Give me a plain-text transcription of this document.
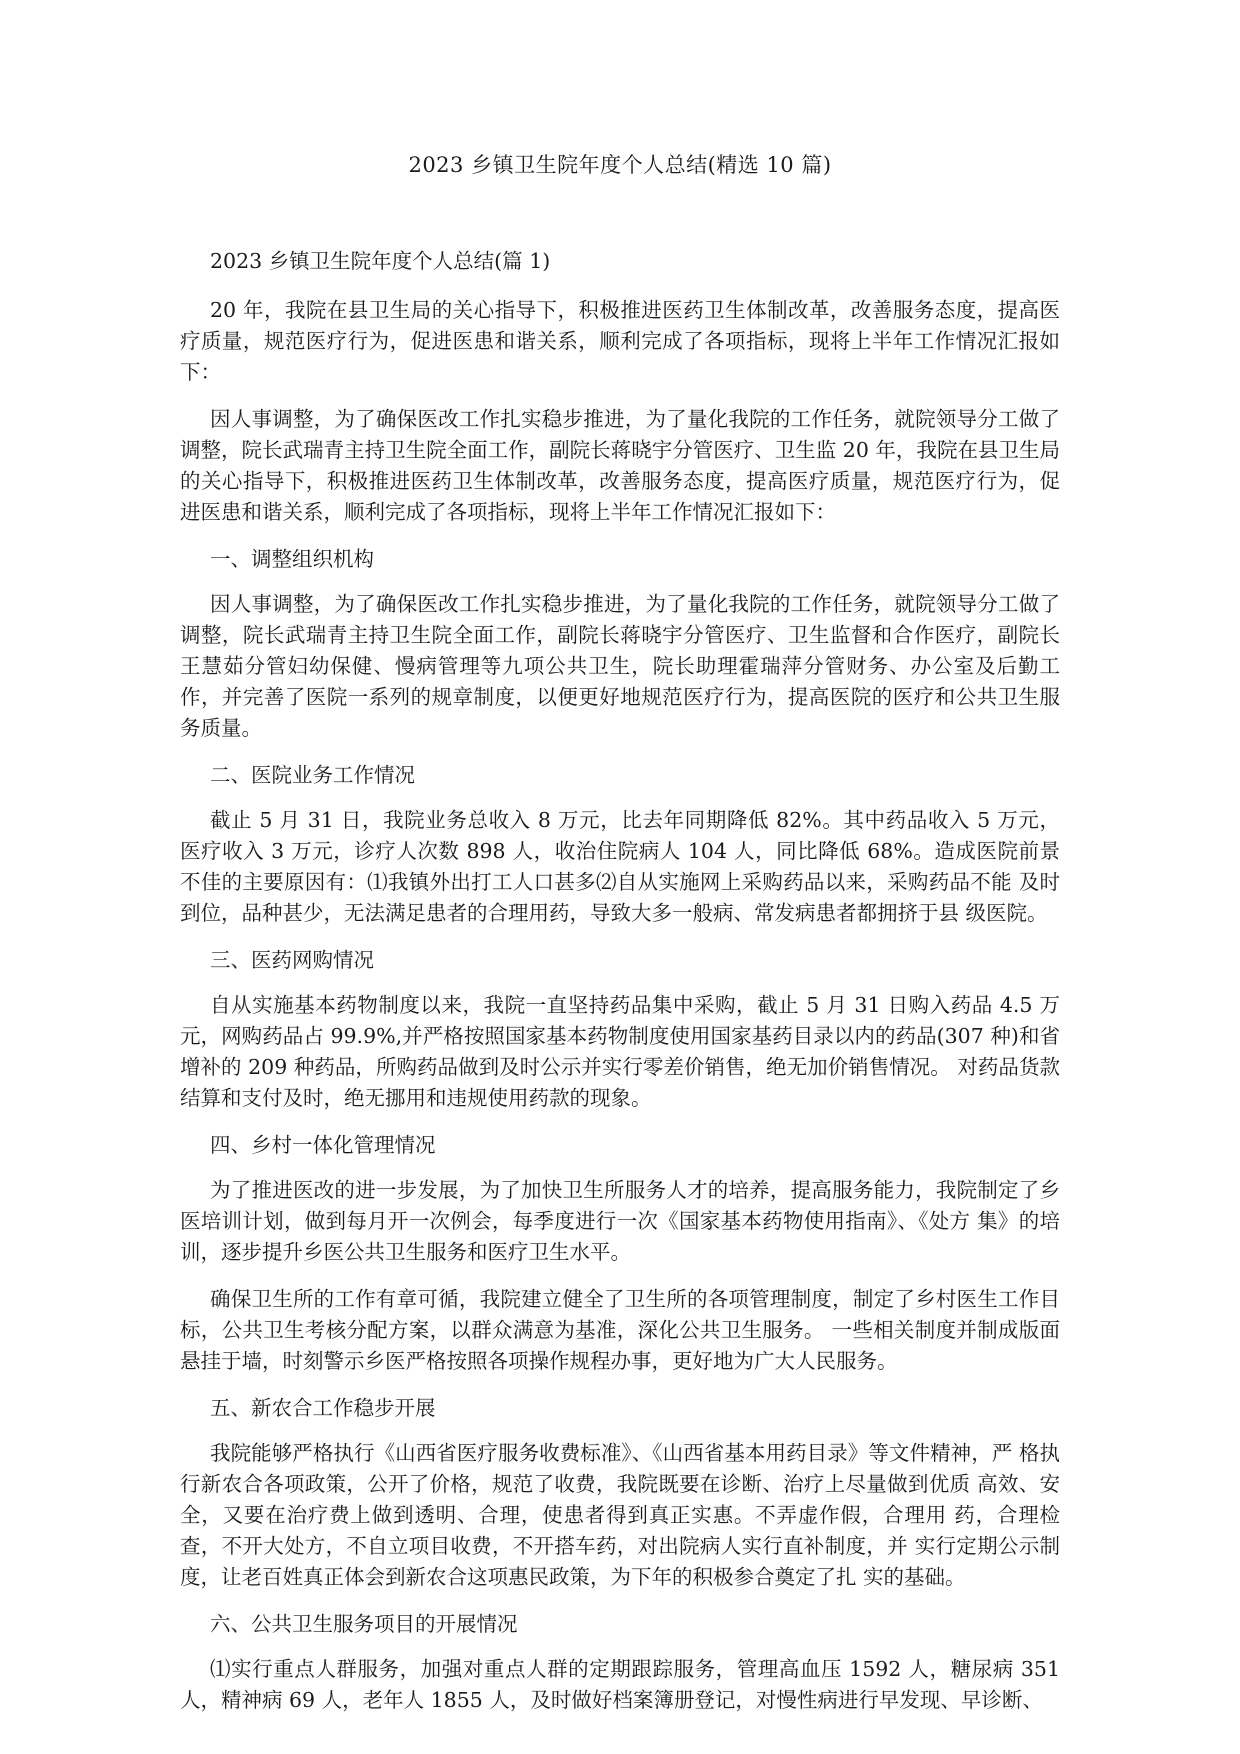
2023 乡镇卫生院年度个人总结(精选 10 篇)

2023 乡镇卫生院年度个人总结(篇 1)

20 年，我院在县卫生局的关心指导下，积极推进医药卫生体制改革，改善服务态度，提高医疗质量，规范医疗行为，促进医患和谐关系，顺利完成了各项指标，现将上半年工作情况汇报如下：

因人事调整，为了确保医改工作扎实稳步推进，为了量化我院的工作任务，就院领导分工做了调整，院长武瑞青主持卫生院全面工作，副院长蒋晓宇分管医疗、卫生监 20 年，我院在县卫生局的关心指导下，积极推进医药卫生体制改革，改善服务态度，提高医疗质量，规范医疗行为，促进医患和谐关系，顺利完成了各项指标，现将上半年工作情况汇报如下：

一、调整组织机构

因人事调整，为了确保医改工作扎实稳步推进，为了量化我院的工作任务，就院领导分工做了调整，院长武瑞青主持卫生院全面工作，副院长蒋晓宇分管医疗、卫生监督和合作医疗，副院长王慧茹分管妇幼保健、慢病管理等九项公共卫生，院长助理霍瑞萍分管财务、办公室及后勤工作，并完善了医院一系列的规章制度，以便更好地规范医疗行为，提高医院的医疗和公共卫生服务质量。

二、医院业务工作情况

截止 5 月 31 日，我院业务总收入 8 万元，比去年同期降低 82%。其中药品收入 5 万元， 医疗收入 3 万元，诊疗人次数 898 人，收治住院病人 104 人，同比降低 68%。造成医院前景 不佳的主要原因有：⑴我镇外出打工人口甚多⑵自从实施网上采购药品以来，采购药品不能 及时到位，品种甚少，无法满足患者的合理用药，导致大多一般病、常发病患者都拥挤于县 级医院。

三、医药网购情况

自从实施基本药物制度以来，我院一直坚持药品集中采购，截止 5 月 31 日购入药品 4.5 万元，网购药品占 99.9%,并严格按照国家基本药物制度使用国家基药目录以内的药品(307 种)和省增补的 209 种药品，所购药品做到及时公示并实行零差价销售，绝无加价销售情况。 对药品货款结算和支付及时，绝无挪用和违规使用药款的现象。

四、乡村一体化管理情况

为了推进医改的进一步发展，为了加快卫生所服务人才的培养，提高服务能力，我院制定了乡医培训计划，做到每月开一次例会，每季度进行一次《国家基本药物使用指南》、《处方 集》的培训，逐步提升乡医公共卫生服务和医疗卫生水平。

确保卫生所的工作有章可循，我院建立健全了卫生所的各项管理制度，制定了乡村医生工作目标，公共卫生考核分配方案，以群众满意为基准，深化公共卫生服务。 一些相关制度并制成版面悬挂于墙，时刻警示乡医严格按照各项操作规程办事，更好地为广大人民服务。

五、新农合工作稳步开展

我院能够严格执行《山西省医疗服务收费标准》、《山西省基本用药目录》等文件精神，严 格执行新农合各项政策，公开了价格，规范了收费，我院既要在诊断、治疗上尽量做到优质 高效、安全，又要在治疗费上做到透明、合理，使患者得到真正实惠。不弄虚作假，合理用 药，合理检查，不开大处方，不自立项目收费，不开搭车药，对出院病人实行直补制度，并 实行定期公示制度，让老百姓真正体会到新农合这项惠民政策，为下年的积极参合奠定了扎 实的基础。

六、公共卫生服务项目的开展情况

⑴实行重点人群服务，加强对重点人群的定期跟踪服务，管理高血压 1592 人，糖尿病 351 人，精神病 69 人，老年人 1855 人，及时做好档案簿册登记，对慢性病进行早发现、早诊断、
